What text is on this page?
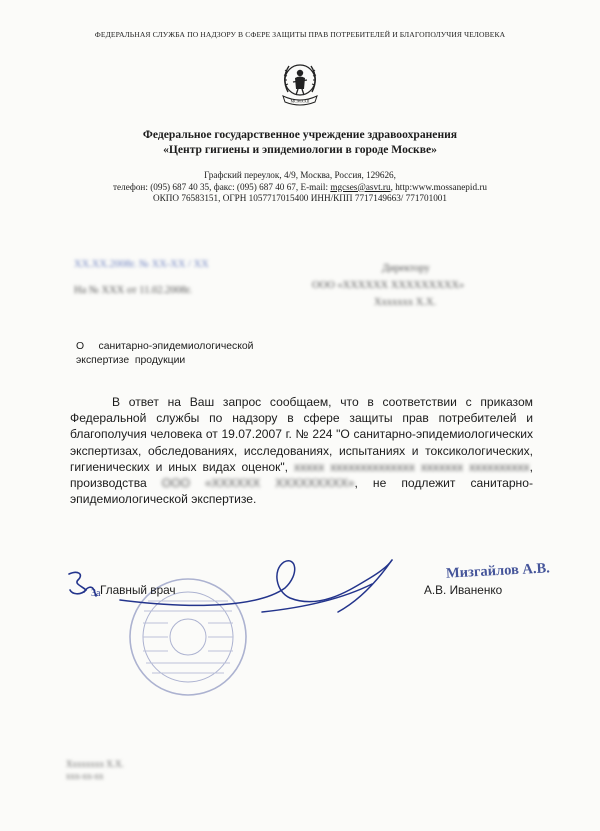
ФЕДЕРАЛЬНАЯ СЛУЖБА ПО НАДЗОРУ В СФЕРЕ ЗАЩИТЫ ПРАВ ПОТРЕБИТЕЛЕЙ И БЛАГОПОЛУЧИЯ ЧЕЛОВЕКА
MCMXXII
Федеральное государственное учреждение здравоохранения
«Центр гигиены и эпидемиологии в городе Москве»
Графский переулок, 4/9, Москва, Россия, 129626,
телефон: (095) 687 40 35, факс: (095) 687 40 67, E-mail: mgcses@asvt.ru, http:www.mossanepid.ru
ОКПО 76583151, ОГРН 1057717015400 ИНН/КПП 7717149663/ 771701001
ХХ.ХХ.2008г. № ХХ-ХХ / ХХ
На № ХХХ от 11.02.2008г.
Директору
ООО «ХХХХХХ ХХХХХХХХХ»
Ххххххх Х.Х.
О     санитарно-эпидемиологической
экспертизе  продукции
В ответ на Ваш запрос сообщаем, что в соответствии с приказом Федеральной службы по надзору в сфере защиты прав потребителей и благополучия человека от 19.07.2007 г. № 224 "О санитарно-эпидемиологических экспертизах, обследованиях, исследованиях, испытаниях и токсикологических, гигиенических и иных видах оценок", ххххх хххххххххххххх ххххххх хххххххххх, производства ООО «ХХХХХХ ХХХХХХХХХ», не подлежит санитарно-эпидемиологической экспертизе.
Мизгайлов А.В.
Главный врач	А.В. Иваненко
За
Хххххххх Х.Х.
ххх-хх-хх
